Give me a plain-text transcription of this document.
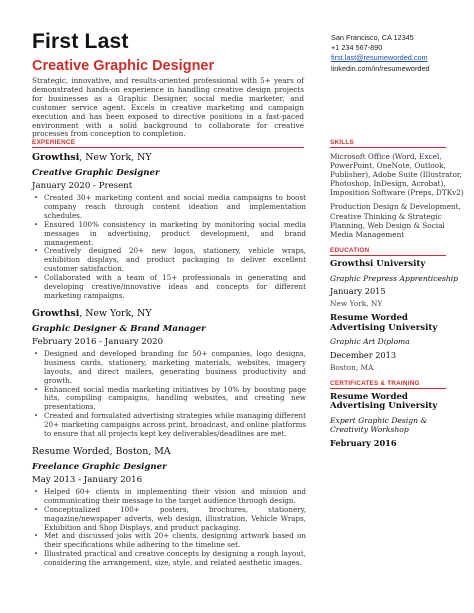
First Last
Creative Graphic Designer
San Francisco, CA 12345
+1 234 567-890
first.last@resumeworded.com
linkedin.com/in/resumeworded
Strategic, innovative, and results-oriented professional with 5+ years of demonstrated hands-on experience in handling creative design projects for businesses as a Graphic Designer, social media marketer, and customer service agent. Excels in creative marketing and campaign execution and has been exposed to directive positions in a fast-paced environment with a solid background to collaborate for creative processes from conception to completion.
EXPERIENCE
Growthsi, New York, NY
Creative Graphic Designer
January 2020 - Present
• Created 30+ marketing content and social media campaigns to boost company reach through content ideation and implementation schedules.
• Ensured 100% consistency in marketing by monitoring social media messages in advertising, product development, and brand management.
• Creatively designed 20+ new logos, stationery, vehicle wraps, exhibition displays, and product packaging to deliver excellent customer satisfaction.
• Collaborated with a team of 15+ professionals in generating and developing creative/innovative ideas and concepts for different marketing campaigns.
Growthsi, New York, NY
Graphic Designer & Brand Manager
February 2016 - January 2020
• Designed and developed branding for 50+ companies, logo designs, business cards, stationery, marketing materials, websites, imagery layouts, and direct mailers, generating business productivity and growth.
• Enhanced social media marketing initiatives by 10% by boosting page hits, compiling campaigns, handling websites, and creating new presentations.
• Created and formulated advertising strategies while managing different 20+ marketing campaigns across print, broadcast, and online platforms to ensure that all projects kept key deliverables/deadlines are met.
Resume Worded, Boston, MA
Freelance Graphic Designer
May 2013 - January 2016
• Helped 60+ clients in implementing their vision and mission and communicating their message to the target audience through design.
• Conceptualized 100+ posters, brochures, stationery, magazine/newspaper adverts, web design, illustration, Vehicle Wraps, Exhibition and Shop Displays, and product packaging.
• Met and discussed jobs with 20+ clients, designing artwork based on their specifications while adhering to the timeline set.
• Illustrated practical and creative concepts by designing a rough layout, considering the arrangement, size, style, and related aesthetic images.
SKILLS
Microsoft Office (Word, Excel, PowerPoint, OneNote, Outlook, Publisher), Adobe Suite (Illustrator, Photoshop, InDesign, Acrobat), Imposition Software (Preps, DTKv2)
Production Design & Development, Creative Thinking & Strategic Planning, Web Design & Social Media Management
EDUCATION
Growthsi University
Graphic Prepress Apprenticeship
January 2015
New York, NY
Resume Worded Advertising University
Graphic Art Diploma
December 2013
Boston, MA
CERTIFICATES & TRAINING
Resume Worded Advertising University
Expert Graphic Design & Creativity Workshop
February 2016
